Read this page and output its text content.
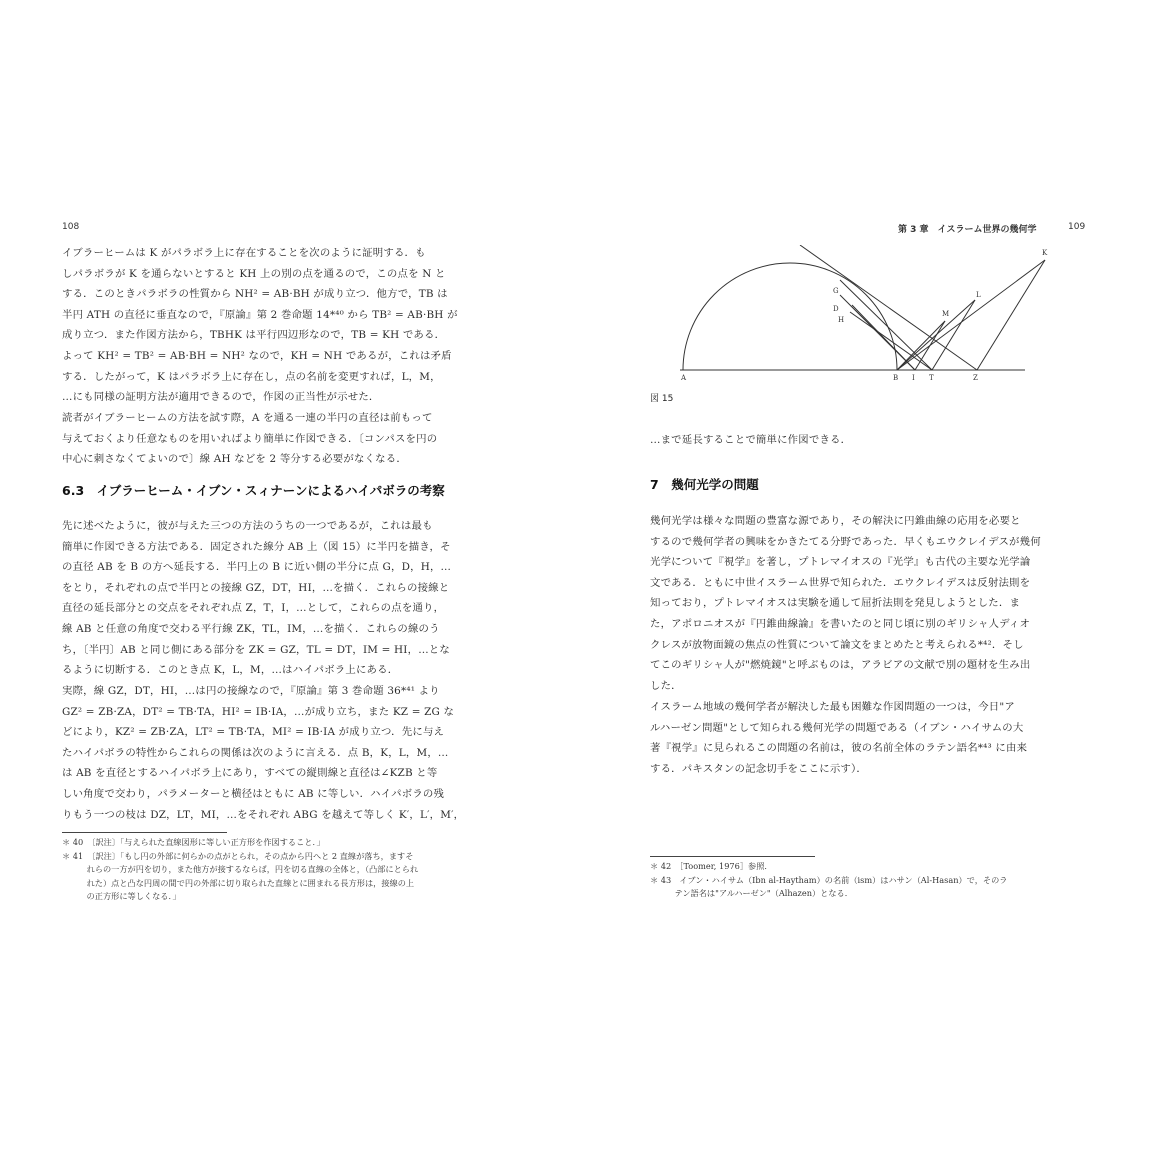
108
イブラーヒームは K がパラボラ上に存在することを次のように証明する．も
しパラボラが K を通らないとすると KH 上の別の点を通るので，この点を N と
する．このときパラボラの性質から NH² = AB·BH が成り立つ．他方で，TB は
半円 ATH の直径に垂直なので，『原論』第 2 巻命題 14*⁴⁰ から TB² = AB·BH が
成り立つ．また作図方法から，TBHK は平行四辺形なので，TB = KH である．
よって KH² = TB² = AB·BH = NH² なので，KH = NH であるが，これは矛盾
する．したがって，K はパラボラ上に存在し，点の名前を変更すれば，L，M，
…にも同様の証明方法が適用できるので，作図の正当性が示せた．
読者がイブラーヒームの方法を試す際，A を通る一連の半円の直径は前もって
与えておくより任意なものを用いればより簡単に作図できる．〔コンパスを円の
中心に刺さなくてよいので〕線 AH などを 2 等分する必要がなくなる．
6.3　イブラーヒーム・イブン・スィナーンによるハイパボラの考察
先に述べたように，彼が与えた三つの方法のうちの一つであるが，これは最も
簡単に作図できる方法である．固定された線分 AB 上（図 15）に半円を描き，そ
の直径 AB を B の方へ延長する．半円上の B に近い側の半分に点 G，D，H，…
をとり，それぞれの点で半円との接線 GZ，DT，HI，…を描く．これらの接線と
直径の延長部分との交点をそれぞれ点 Z，T，I，…として，これらの点を通り，
線 AB と任意の角度で交わる平行線 ZK，TL，IM，…を描く．これらの線のう
ち，〔半円〕AB と同じ側にある部分を ZK = GZ，TL = DT，IM = HI，…とな
るように切断する．このとき点 K，L，M，…はハイパボラ上にある．
実際，線 GZ，DT，HI，…は円の接線なので，『原論』第 3 巻命題 36*⁴¹ より
GZ² = ZB·ZA，DT² = TB·TA，HI² = IB·IA，…が成り立ち，また KZ = ZG な
どにより，KZ² = ZB·ZA，LT² = TB·TA，MI² = IB·IA が成り立つ．先に与え
たハイパボラの特性からこれらの関係は次のように言える．点 B，K，L，M，…
は AB を直径とするハイパボラ上にあり，すべての縦則線と直径は∠KZB と等
しい角度で交わり，パラメーターと横径はともに AB に等しい．ハイパボラの残
りもう一つの枝は DZ，LT，MI，…をそれぞれ ABG を越えて等しく K′，L′，M′，
＊ 40　〔訳注〕「与えられた直線図形に等しい正方形を作図すること．」
＊ 41　〔訳注〕「もし円の外部に何らかの点がとられ，その点から円へと 2 直線が落ち，ますそ
　　　れらの一方が円を切り，また他方が接するならば，円を切る直線の全体と，（凸部にとられ
　　　れた）点と凸な円周の間で円の外部に切り取られた直線とに囲まれる長方形は，接線の上
　　　の正方形に等しくなる．」
第 3 章　イスラーム世界の幾何学	109
K
G
D
H
L
M
A	B I T	Z
図 15
…まで延長することで簡単に作図できる．
7　幾何光学の問題
幾何光学は様々な問題の豊富な源であり，その解決に円錐曲線の応用を必要と
するので幾何学者の興味をかきたてる分野であった．早くもエウクレイデスが幾何
光学について『視学』を著し，プトレマイオスの『光学』も古代の主要な光学論
文である．ともに中世イスラーム世界で知られた．エウクレイデスは反射法則を
知っており，プトレマイオスは実験を通して屈折法則を発見しようとした．ま
た，アポロニオスが『円錐曲線論』を書いたのと同じ頃に別のギリシャ人ディオ
クレスが放物面鏡の焦点の性質について論文をまとめたと考えられる*⁴²．そし
てこのギリシャ人が"燃焼鏡"と呼ぶものは，アラビアの文献で別の題材を生み出
した．
イスラーム地域の幾何学者が解決した最も困難な作図問題の一つは，今日"ア
ルハーゼン問題"として知られる幾何光学の問題である（イブン・ハイサムの大
著『視学』に見られるこの問題の名前は，彼の名前全体のラテン語名*⁴³ に由来
する．パキスタンの記念切手をここに示す）．
＊ 42　［Toomer, 1976］参照．
＊ 43　イブン・ハイサム（Ibn al-Haytham）の名前（ism）はハサン（Al-Hasan）で，そのラ
　　　テン語名は"アルハーゼン"（Alhazen）となる．
